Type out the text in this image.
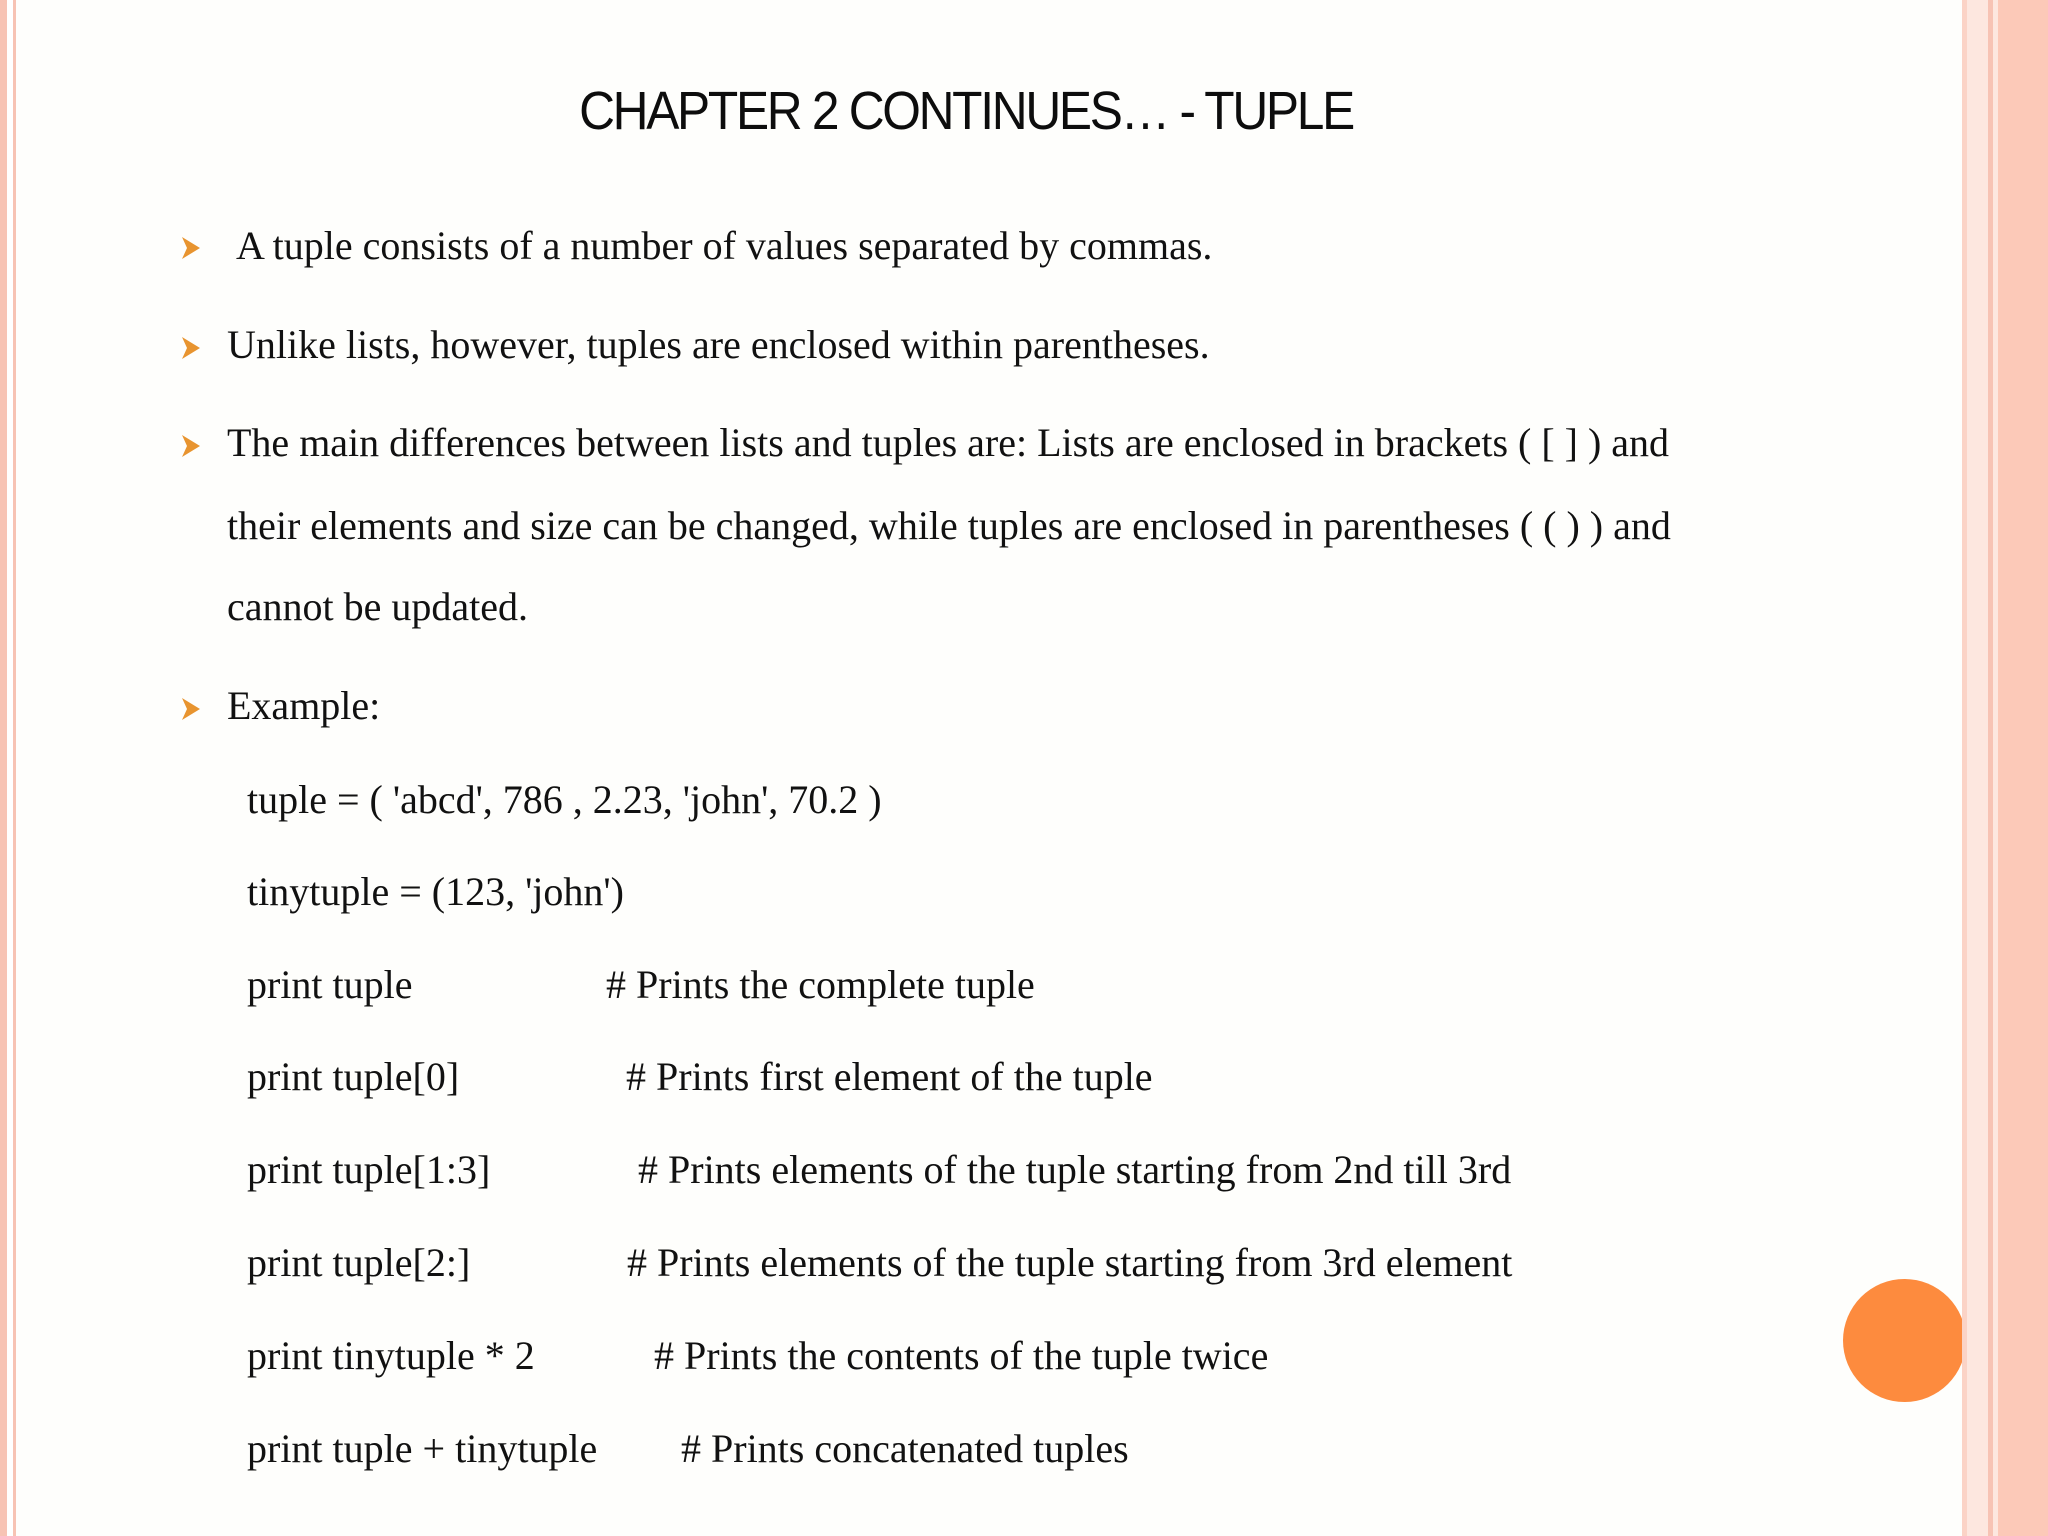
CHAPTER 2 CONTINUES… - TUPLE
A tuple consists of a number of values separated by commas.
Unlike lists, however, tuples are enclosed within parentheses.
The main differences between lists and tuples are: Lists are enclosed in brackets ( [ ] ) and
their elements and size can be changed, while tuples are enclosed in parentheses ( ( ) ) and
cannot be updated.
Example:
tuple = ( 'abcd', 786 , 2.23, 'john', 70.2 )
tinytuple = (123, 'john')
print tuple	# Prints the complete tuple
print tuple[0]	# Prints first element of the tuple
print tuple[1:3]	# Prints elements of the tuple starting from 2nd till 3rd
print tuple[2:]	# Prints elements of the tuple starting from 3rd element
print tinytuple * 2	# Prints the contents of the tuple twice
print tuple + tinytuple # Prints concatenated tuples
